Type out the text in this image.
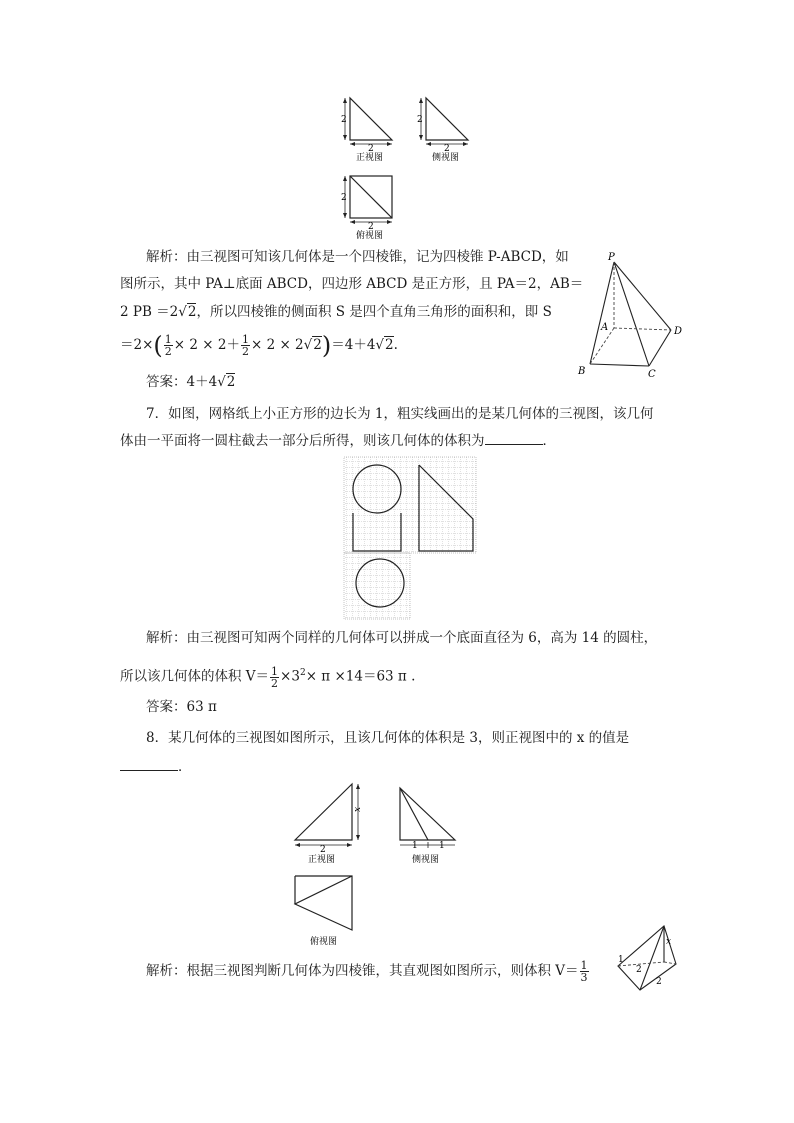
2
2
正视图
2
2
侧视图
2
2
俯视图
解析：由三视图可知该几何体是一个四棱锥，记为四棱锥 P-ABCD，如
图所示，其中 PA⊥底面 ABCD，四边形 ABCD 是正方形，且 PA＝2，AB＝
2 PB ＝2√2，所以四棱锥的侧面积 S 是四个直角三角形的面积和，即 S
$=2\times( \frac{1}{2} \times 2 \times 2+ \frac{1}{2} \times 2 \times 2√2)=4+4√2$.
答案：4＋4√2
P
A
B	C
D
7．如图，网格纸上小正方形的边长为 1，粗实线画出的是某几何体的三视图，该几何
体由一平面将一圆柱截去一部分后所得，则该几何体的体积为	．
解析：由三视图可知两个同样的几何体可以拼成一个底面直径为 6，高为 14 的圆柱，
所以该几何体的体积 $V= \frac{1}{2} \times 3^2\times \pi \times 14=63$ π .
答案：63 π
8．某几何体的三视图如图所示，且该几何体的体积是 3，则正视图中的 x 的值是
．
x
2
正视图
1 1
侧视图
俯视图
解析：根据三视图判断几何体为四棱锥，其直观图如图所示，则体积 $V= \frac{1}{3}$	1
2
2
x
